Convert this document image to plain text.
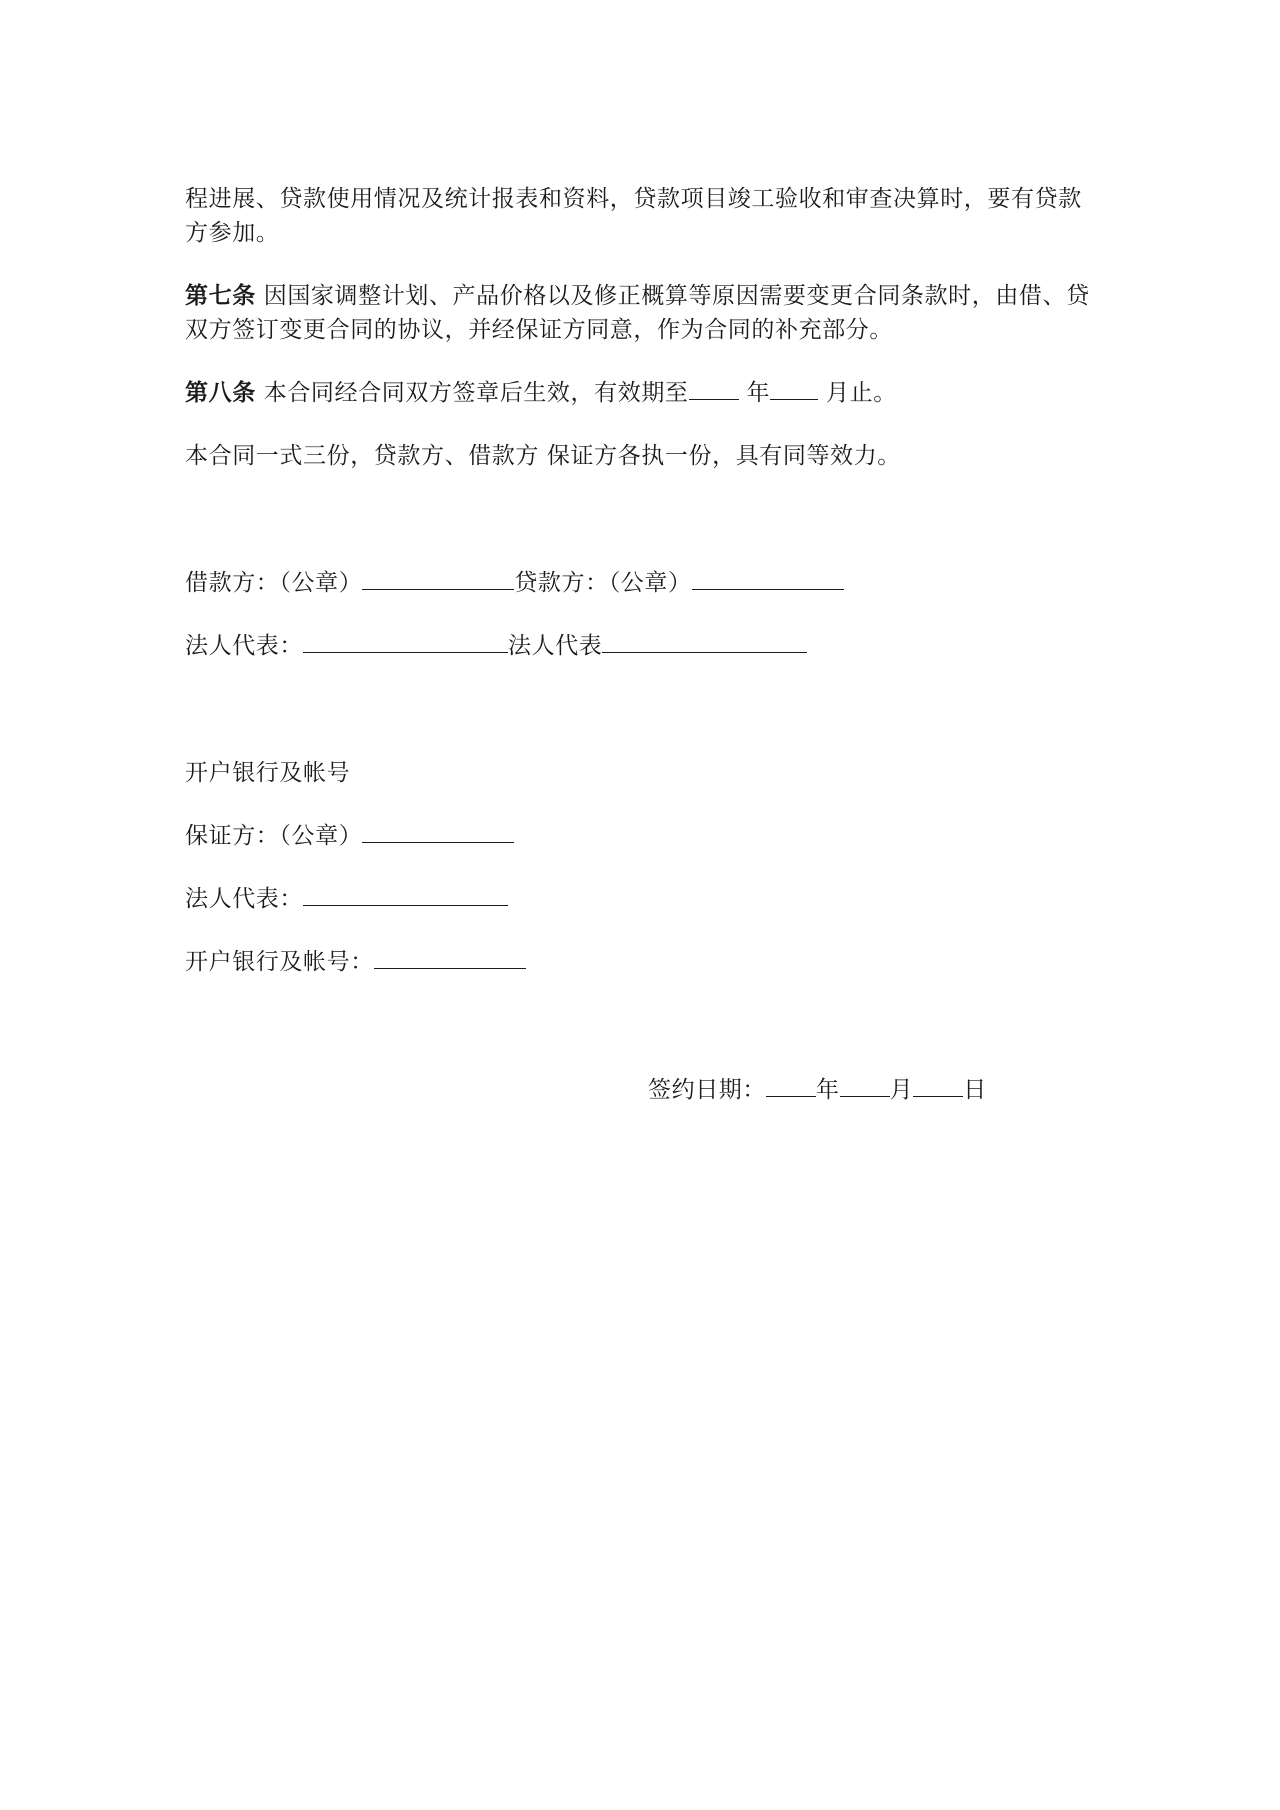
程进展、贷款使用情况及统计报表和资料，贷款项目竣工验收和审查决算时，要有贷款
方参加。
第七条 因国家调整计划、产品价格以及修正概算等原因需要变更合同条款时，由借、贷
双方签订变更合同的协议，并经保证方同意，作为合同的补充部分。
第八条 本合同经合同双方签章后生效，有效期至	年 月止。
本合同一式三份，贷款方、借款方 保证方各执一份，具有同等效力。
借款方：（公章）	贷款方：（公章）
法人代表：	法人代表
开户银行及帐号
保证方：（公章）
法人代表：
开户银行及帐号：
签约日期： 年 月 日
